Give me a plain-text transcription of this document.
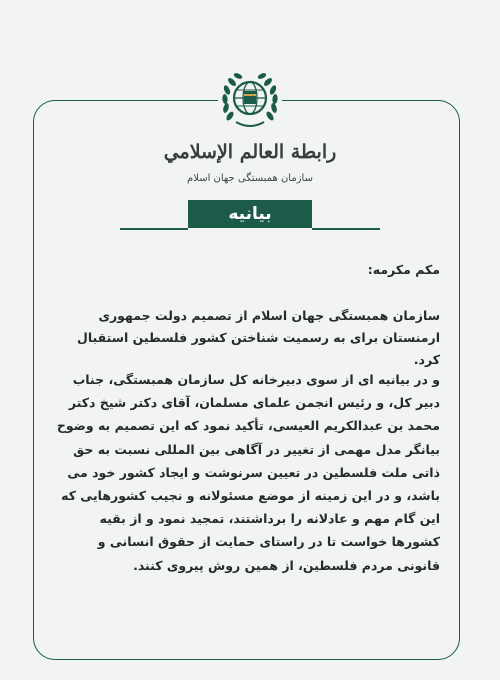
رابطة العالم الإسلامي
سازمان همبستگی جهان اسلام
بیانیه

مکم مکرمه:

سازمان همبستگی جهان اسلام از تصمیم دولت جمهوری ارمنستان برای به رسمیت شناختن کشور فلسطین استقبال کرد.

و در بیانیه ای از سوی دبیرخانه کل سازمان همبستگی، جناب دبیر کل، و رئیس انجمن علمای مسلمان، آقای دکتر شیخ دکتر محمد بن عبدالکریم العیسی، تأکید نمود که این تصمیم به وضوح بیانگر مدل مهمی از تغییر در آگاهی بین المللی نسبت به حق ذاتی ملت فلسطین در تعیین سرنوشت و ایجاد کشور خود می باشد، و در این زمینه از موضع مسئولانه و نجیب کشورهایی که این گام مهم و عادلانه را برداشتند، تمجید نمود و از بقیه کشورها خواست تا در راستای حمایت از حقوق انسانی و قانونی مردم فلسطین، از همین روش پیروی کنند.
